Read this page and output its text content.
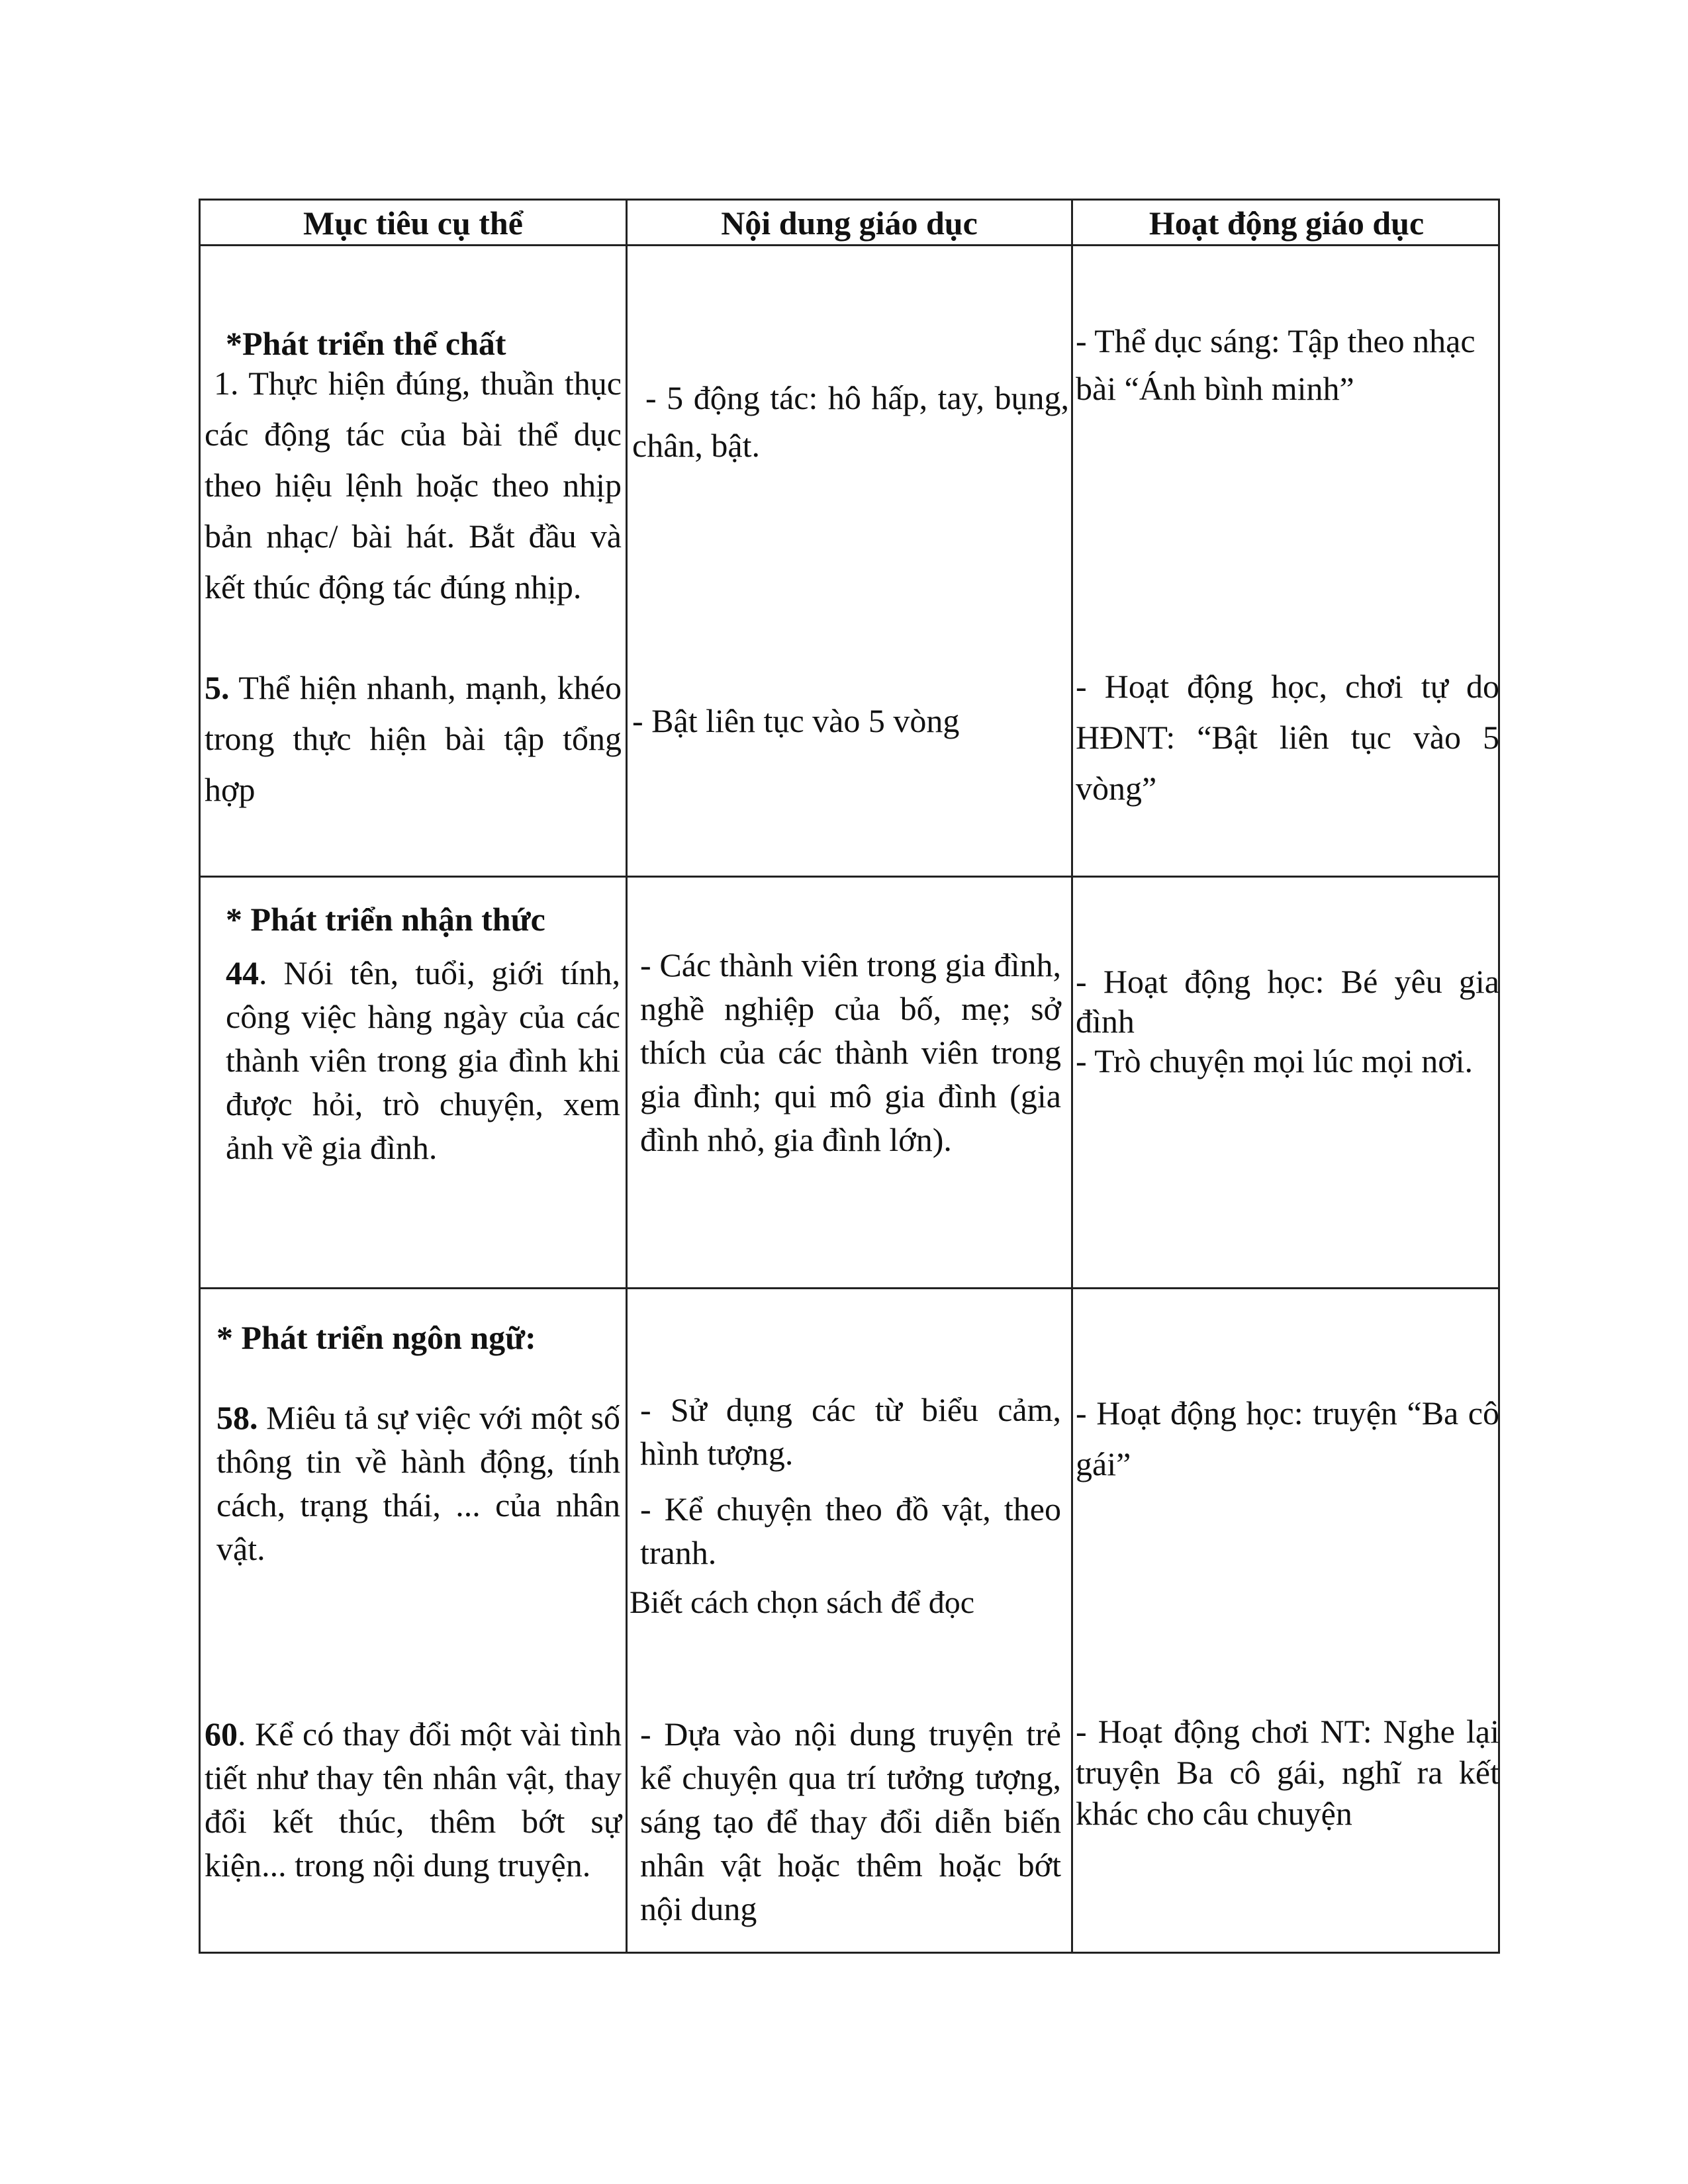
Mục tiêu cụ thể	Nội dung giáo dục	Hoạt động giáo dục
*Phát triển thể chất
1. Thực hiện đúng, thuần thục các động tác của bài thể dục theo hiệu lệnh hoặc theo nhịp bản nhạc/ bài hát. Bắt đầu và kết thúc động tác đúng nhịp.
5. Thể hiện nhanh, mạnh, khéo trong thực hiện bài tập tổng hợp
- 5 động tác: hô hấp, tay, bụng, chân, bật.
- Bật liên tục vào 5 vòng
- Thể dục sáng: Tập theo nhạc bài “Ánh bình minh”
- Hoạt động học, chơi tự do HĐNT: “Bật liên tục vào 5 vòng”
* Phát triển nhận thức
44. Nói tên, tuổi, giới tính, công việc hàng ngày của các thành viên trong gia đình khi được hỏi, trò chuyện, xem ảnh về gia đình.
- Các thành viên trong gia đình, nghề nghiệp của bố, mẹ; sở thích của các thành viên trong gia đình; qui mô gia đình (gia đình nhỏ, gia đình lớn).
- Hoạt động học: Bé yêu gia đình
- Trò chuyện mọi lúc mọi nơi.
* Phát triển ngôn ngữ:
58. Miêu tả sự việc với một số thông tin về hành động, tính cách, trạng thái, ... của nhân vật.
- Sử dụng các từ biểu cảm, hình tượng.
- Kể chuyện theo đồ vật, theo tranh.
Biết cách chọn sách để đọc
- Hoạt động học: truyện “Ba cô gái”
60. Kể có thay đổi một vài tình tiết như thay tên nhân vật, thay đổi kết thúc, thêm bớt sự kiện... trong nội dung truyện.
- Dựa vào nội dung truyện trẻ kể chuyện qua trí tưởng tượng, sáng tạo để thay đổi diễn biến nhân vật hoặc thêm hoặc bớt nội dung
- Hoạt động chơi NT: Nghe lại truyện Ba cô gái, nghĩ ra kết khác cho câu chuyện
